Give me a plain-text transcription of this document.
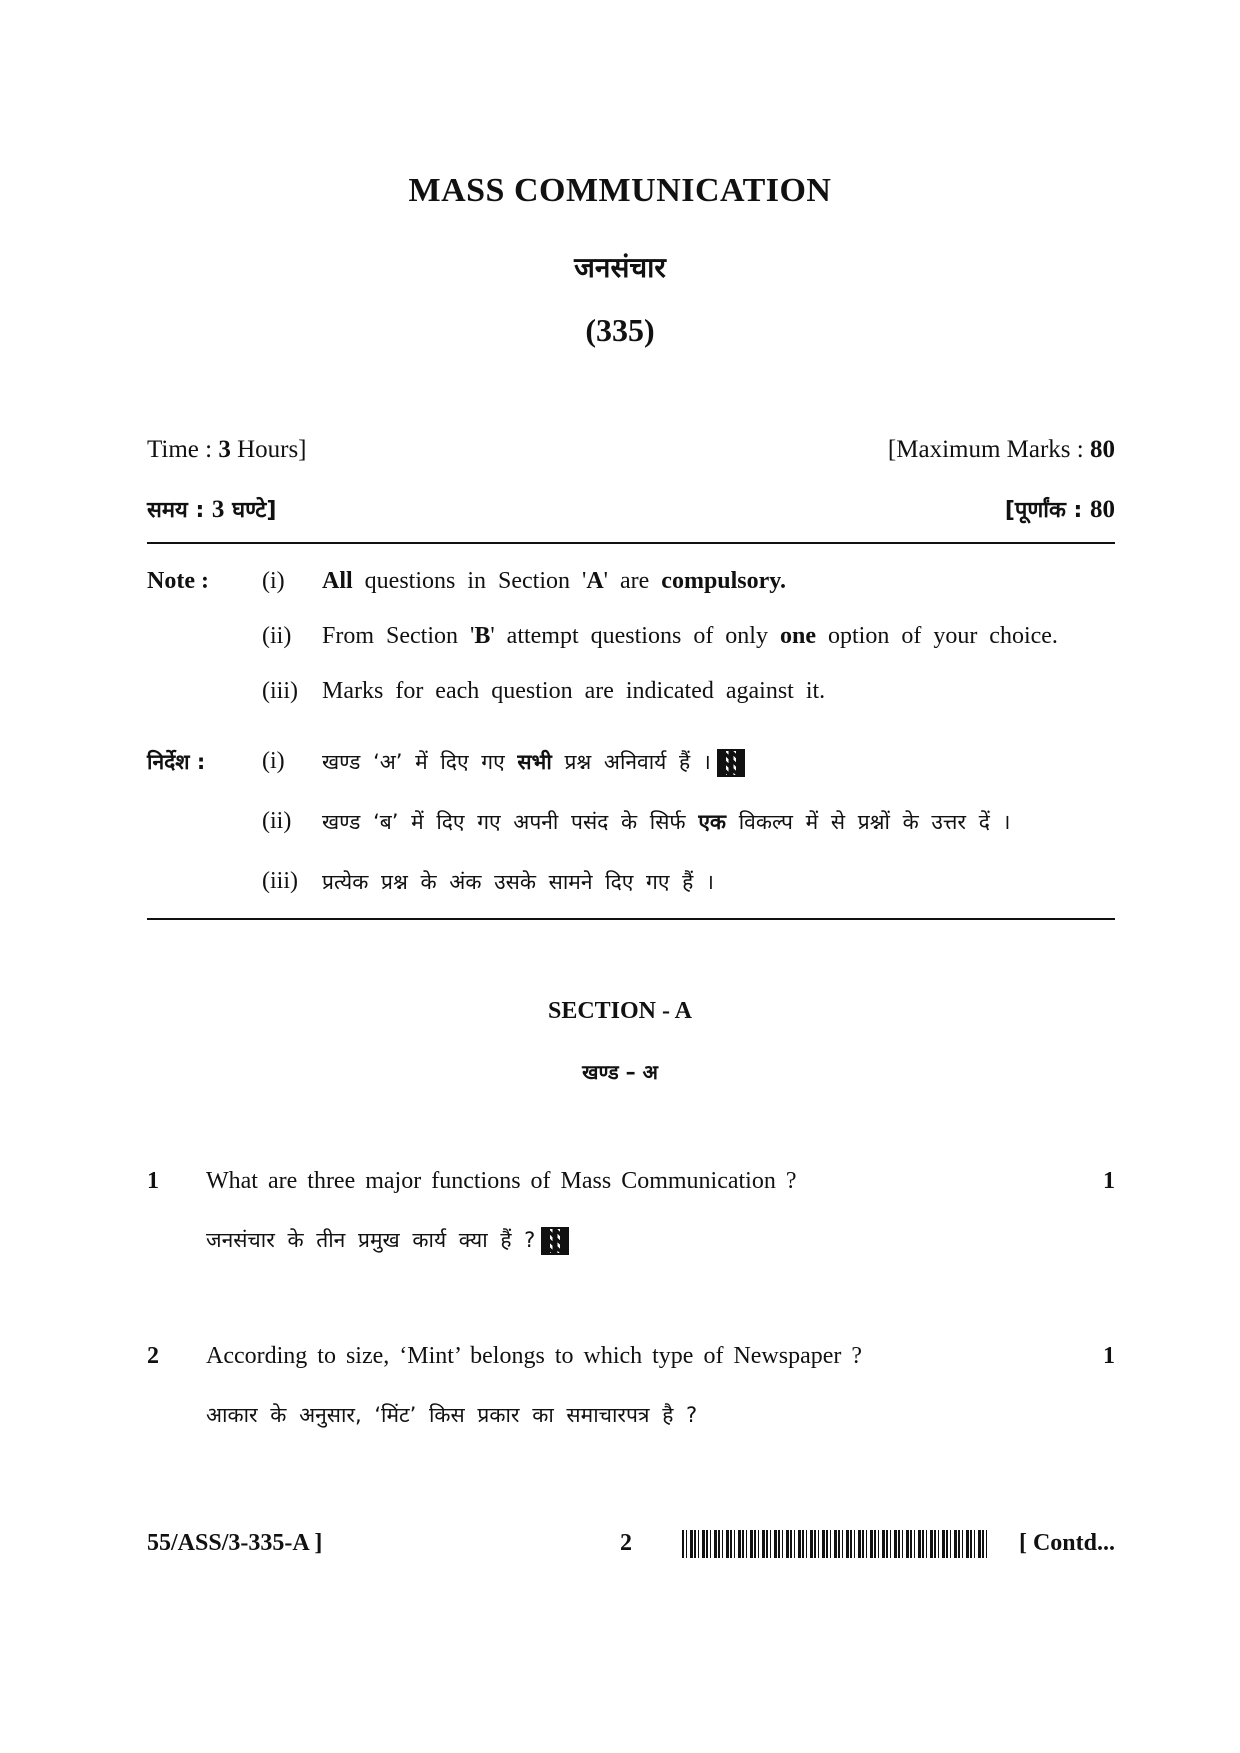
MASS COMMUNICATION
जनसंचार
(335)
Time : 3 Hours]	[Maximum Marks : 80
समय : 3 घण्टे]	[पूर्णांक : 80
Note : (i) All questions in Section 'A' are compulsory.
(ii) From Section 'B' attempt questions of only one option of your choice.
(iii) Marks for each question are indicated against it.
निर्देश : (i) खण्ड ‘अ’ में दिए गए सभी प्रश्न अनिवार्य हैं ।
(ii) खण्ड ‘ब’ में दिए गए अपनी पसंद के सिर्फ एक विकल्प में से प्रश्नों के उत्तर दें ।
(iii) प्रत्येक प्रश्न के अंक उसके सामने दिए गए हैं ।
SECTION - A
खण्ड – अ
1 What are three major functions of Mass Communication ?	1
जनसंचार के तीन प्रमुख कार्य क्या हैं ?
2 According to size, ‘Mint’ belongs to which type of Newspaper ?	1
आकार के अनुसार, ‘मिंट’ किस प्रकार का समाचारपत्र है ?
55/ASS/3-335-A ]	2	[ Contd...
